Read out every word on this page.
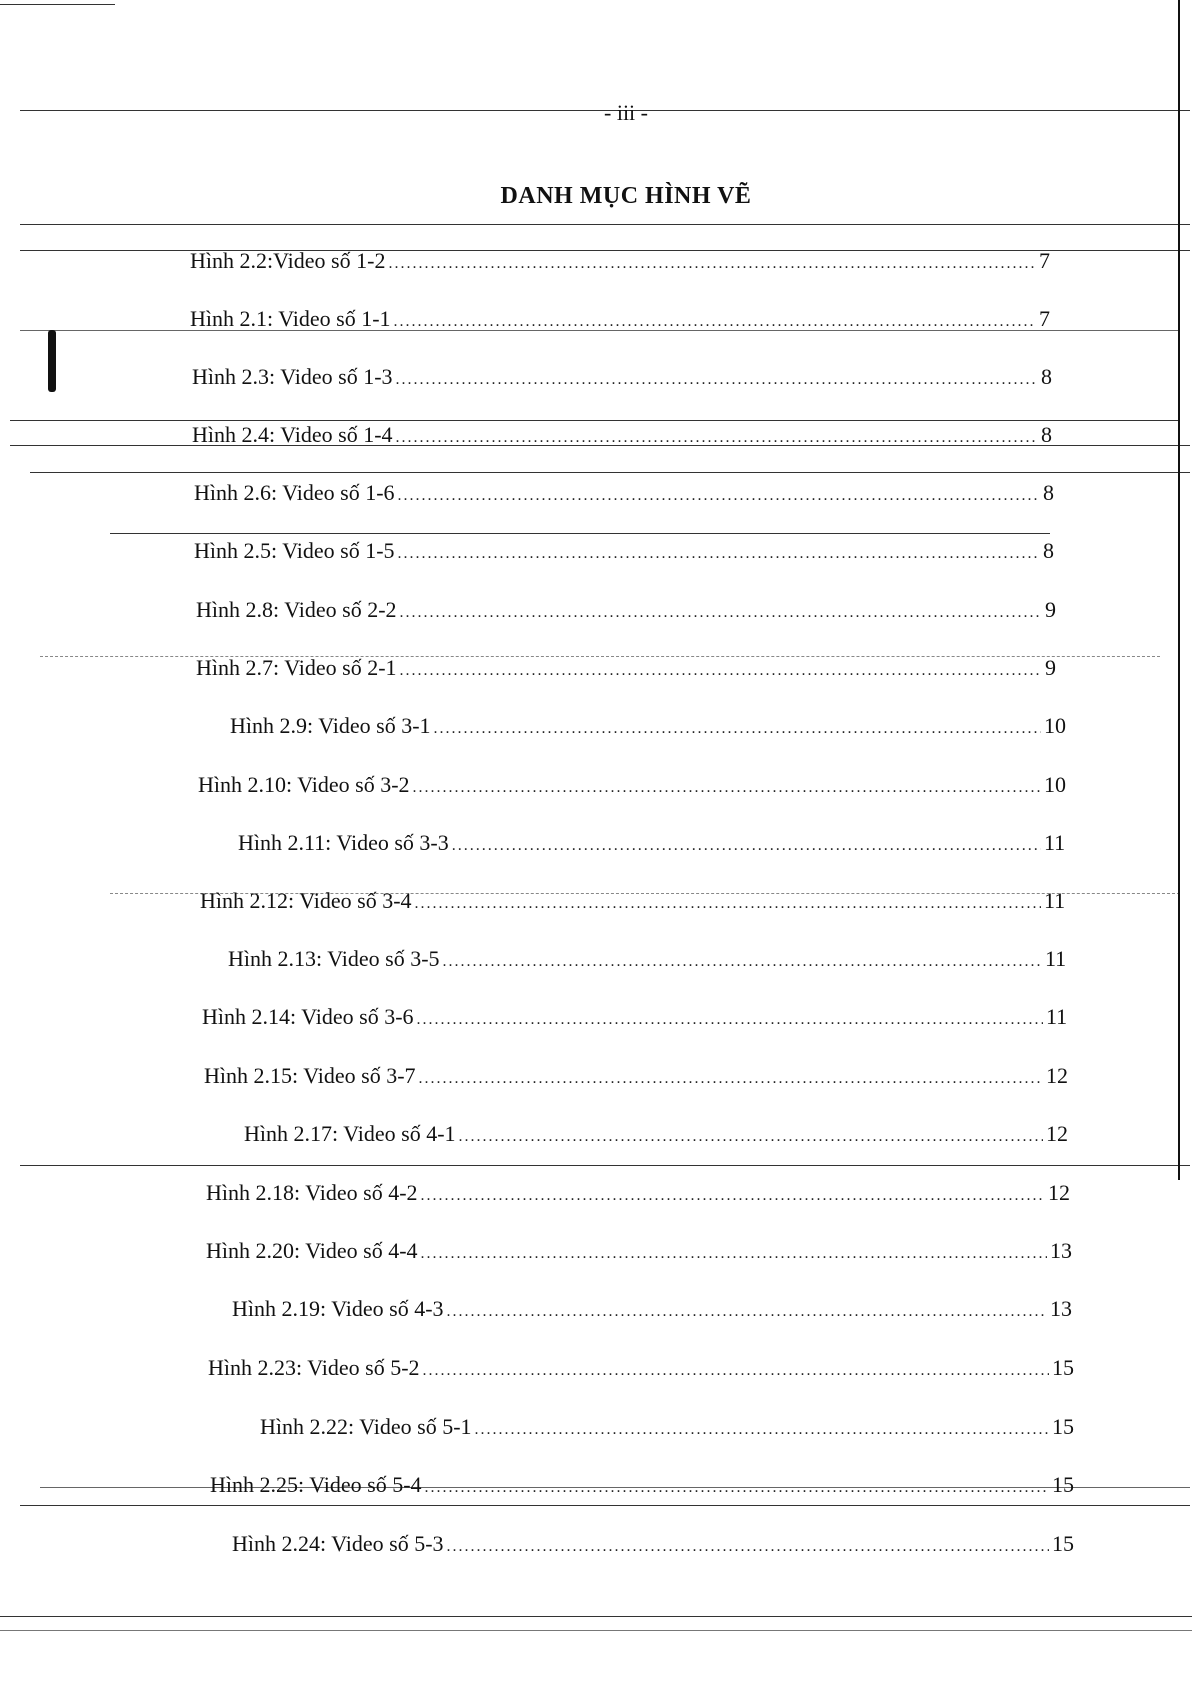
- iii -
DANH MỤC HÌNH VẼ
Hình 2.2:Video số 1-2 .....	7
Hình 2.1: Video số 1-1 .....	7
Hình 2.3: Video số 1-3 .....	8
Hình 2.4: Video số 1-4 .....	8
Hình 2.6: Video số 1-6 .....	8
Hình 2.5: Video số 1-5 .....	8
Hình 2.8: Video số 2-2 .....	9
Hình 2.7: Video số 2-1 .....	9
Hình 2.9: Video số 3-1 .....	10
Hình 2.10: Video số 3-2 .....	10
Hình 2.11: Video số 3-3 .....	11
Hình 2.12: Video số 3-4 .....	11
Hình 2.13: Video số 3-5 .....	11
Hình 2.14: Video số 3-6 .....	11
Hình 2.15: Video số 3-7 .....	12
Hình 2.17: Video số 4-1 .....	12
Hình 2.18: Video số 4-2 .....	12
Hình 2.20: Video số 4-4 .....	13
Hình 2.19: Video số 4-3 .....	13
Hình 2.23: Video số 5-2 .....	15
Hình 2.22: Video số 5-1 .....	15
Hình 2.25: Video số 5-4 .....	15
Hình 2.24: Video số 5-3 .....	15
